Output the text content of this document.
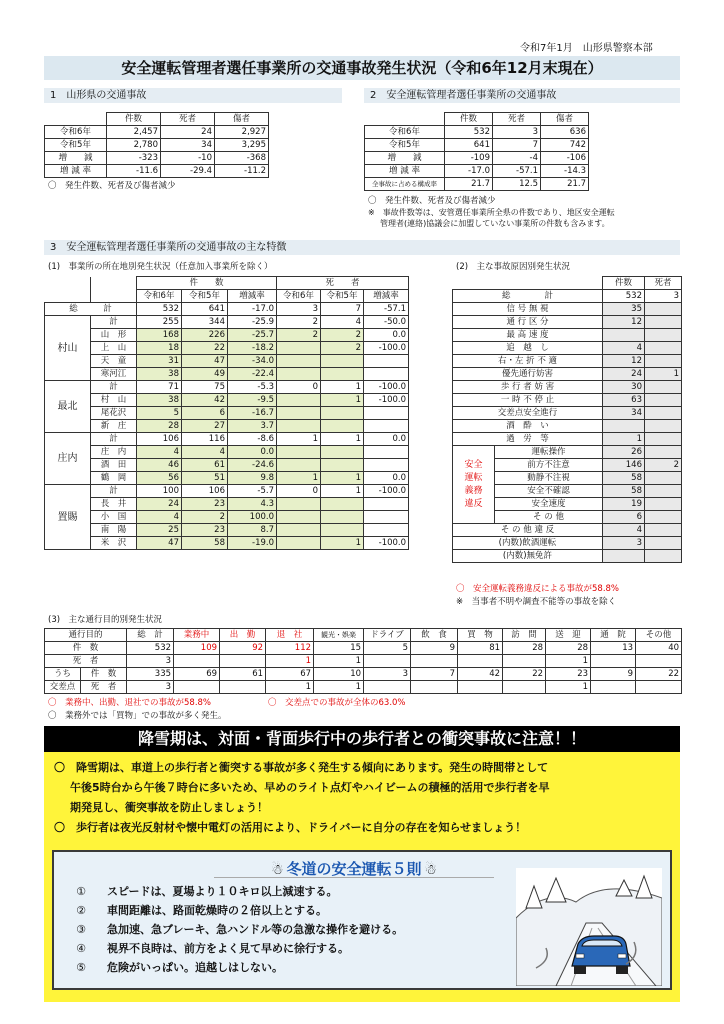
令和7年1月　山形県警察本部
安全運転管理者選任事業所の交通事故発生状況（令和6年12月末現在）
1　山形県の交通事故
	件数	死者	傷者
令和6年	2,457	24	2,927
令和5年	2,780	34	3,295
増　　減	-323	-10	-368
増 減 率	-11.6	-29.4	-11.2
〇　発生件数、死者及び傷者減少
2　安全運転管理者選任事業所の交通事故
	件数	死者	傷者
令和6年	532	3	636
令和5年	641	7	742
増　　減	-109	-4	-106
増 減 率	-17.0	-57.1	-14.3
全事故に占める構成率	21.7	12.5	21.7
〇　発生件数、死者及び傷者減少
※　事故件数等は、安管選任事業所全県の件数であり、地区安全運転
管理者(連絡)協議会に加盟していない事業所の件数も含みます。
3　安全運転管理者選任事業所の交通事故の主な特徴
(1)　事業所の所在地別発生状況（任意加入事業所を除く）
		件　　数			死　　者		
		令和6年	令和5年	増減率	令和6年	令和5年	増減率
総　　　計		532	641	-17.0	3	7	-57.1
村山	計	255	344	-25.9	2	4	-50.0
	山　形	168	226	-25.7	2	2	0.0
	上　山	18	22	-18.2		2	-100.0
	天　童	31	47	-34.0			
	寒河江	38	49	-22.4			
最北	計	71	75	-5.3	0	1	-100.0
	村　山	38	42	-9.5		1	-100.0
	尾花沢	5	6	-16.7			
	新　庄	28	27	3.7			
庄内	計	106	116	-8.6	1	1	0.0
	庄　内	4	4	0.0			
	酒　田	46	61	-24.6			
	鶴　岡	56	51	9.8	1	1	0.0
置賜	計	100	106	-5.7	0	1	-100.0
	長　井	24	23	4.3			
	小　国	4	2	100.0			
	南　陽	25	23	8.7			
	米　沢	47	58	-19.0		1	-100.0
(2)　主な事故原因別発生状況
		件数	死者
総　　　　計		532	3
信 号 無 視		35	
通 行 区 分		12	
最 高 速 度			
追　越　し		4	
右・左 折 不 適		12	
優先通行妨害		24	1
歩 行 者 妨 害		30	
一 時 不 停 止		63	
交差点安全進行		34	
酒　酔　い			
過　労　等		1	
安全運転義務違反	運転操作	26	
	前方不注意	146	2
	動静不注視	58	
	安全不確認	58	
	安全速度	19	
	そ の 他	6	
そ の 他 違 反		4	
(内数)飲酒運転		3	
(内数)無免許			
〇　安全運転義務違反による事故が58.8%
※　当事者不明や調査不能等の事故を除く
(3)　主な通行目的別発生状況
通行目的		総　計	業務中	出　勤	退　社	観光・娯楽	ドライブ	飲　食	買　物	訪　問	送　迎	通　院	その他
件　数		532	109	92	112	15	5	9	81	28	28	13	40
死　者		3			1	1					1		
うち	件　数	335	69	61	67	10	3	7	42	22	23	9	22
交差点	死　者	3			1	1					1		
〇　業務中、出勤、退社での事故が58.8%	〇　交差点での事故が全体の63.0%
〇　業務外では「買物」での事故が多く発生。
降雪期は、対面・背面歩行中の歩行者との衝突事故に注意！！
〇　降雪期は、車道上の歩行者と衝突する事故が多く発生する傾向にあります。発生の時間帯として
午後5時台から午後７時台に多いため、早めのライト点灯やハイビームの積極的活用で歩行者を早
期発見し、衝突事故を防止しましょう！
〇　歩行者は夜光反射材や懐中電灯の活用により、ドライバーに自分の存在を知らせましょう！
☃ 冬道の安全運転５則 ☃
①　 スピードは、夏場より１０キロ以上減速する。
②　 車間距離は、路面乾燥時の２倍以上とする。
③　 急加速、急ブレーキ、急ハンドル等の急激な操作を避ける。
④　 視界不良時は、前方をよく見て早めに徐行する。
⑤　 危険がいっぱい。追越しはしない。
